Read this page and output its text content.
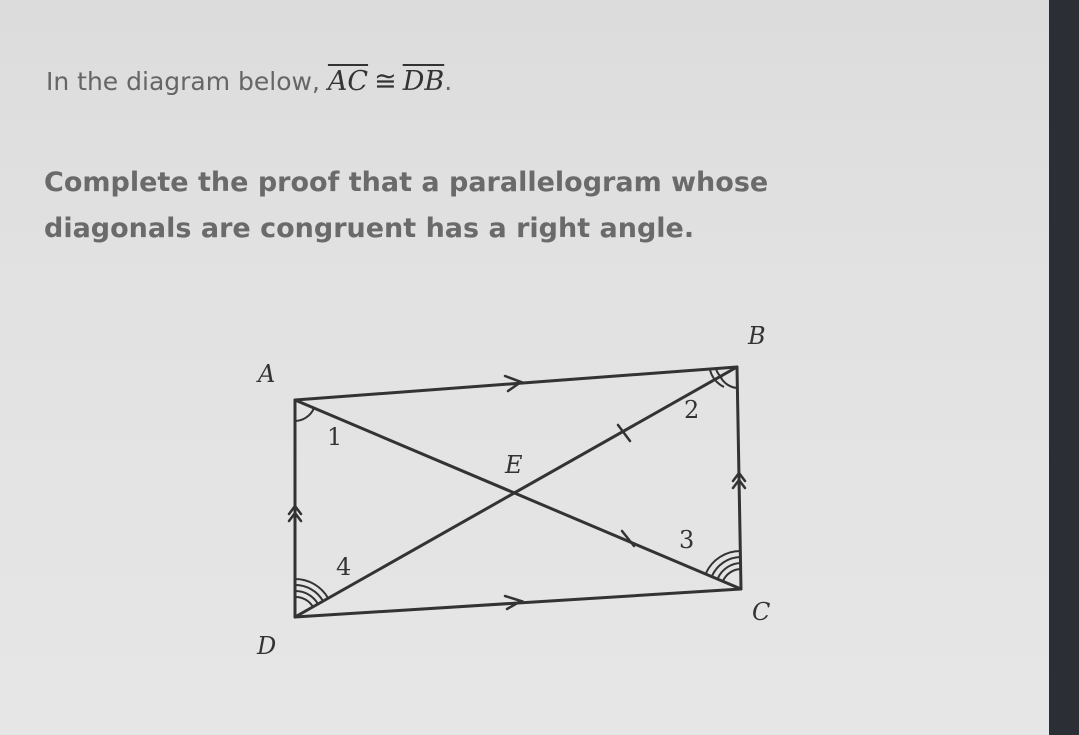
In the diagram below, $\overline{AC}$ ≅ $\overline{DB}$.
Complete the proof that a parallelogram whose diagonals are congruent has a right angle.
A
B
C
D
E
1
2
3
4
